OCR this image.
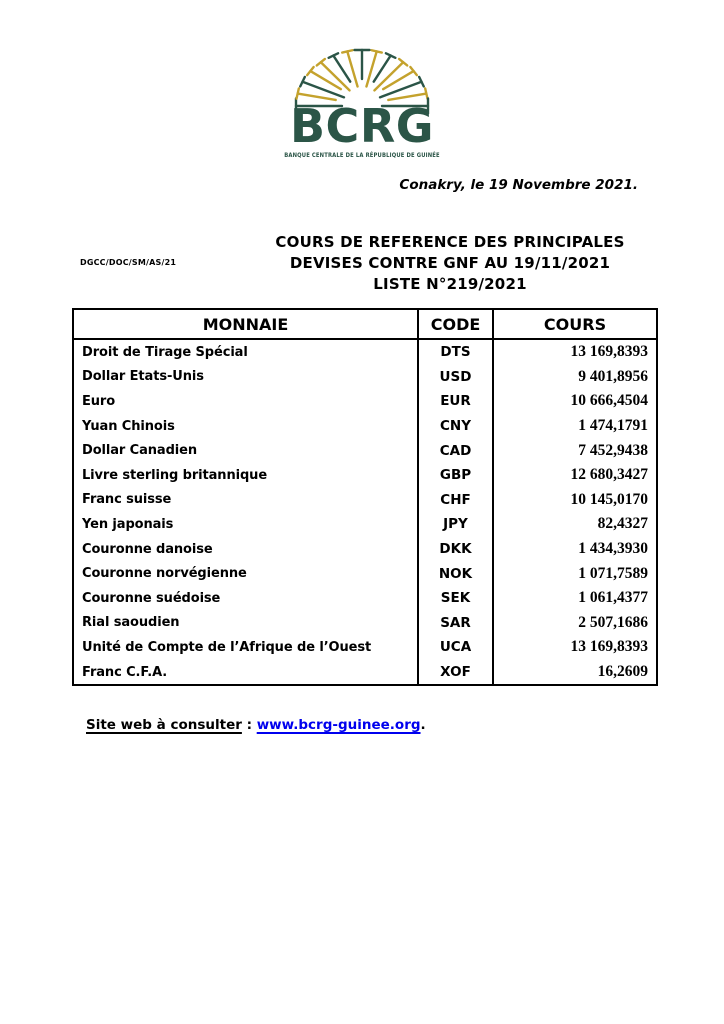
BCRG
BANQUE CENTRALE DE LA RÉPUBLIQUE DE GUINÉE
Conakry, le 19 Novembre 2021.
DGCC/DOC/SM/AS/21
COURS DE REFERENCE DES PRINCIPALES
DEVISES CONTRE GNF AU 19/11/2021
LISTE N°219/2021
MONNAIE	CODE	COURS
Droit de Tirage Spécial	DTS	13 169,8393
Dollar Etats-Unis	USD	9 401,8956
Euro	EUR	10 666,4504
Yuan Chinois	CNY	1 474,1791
Dollar Canadien	CAD	7 452,9438
Livre sterling britannique	GBP	12 680,3427
Franc suisse	CHF	10 145,0170
Yen japonais	JPY	82,4327
Couronne danoise	DKK	1 434,3930
Couronne norvégienne	NOK	1 071,7589
Couronne suédoise	SEK	1 061,4377
Rial saoudien	SAR	2 507,1686
Unité de Compte de l’Afrique de l’Ouest	UCA	13 169,8393
Franc C.F.A.	XOF	16,2609
Site web à consulter : www.bcrg-guinee.org.
